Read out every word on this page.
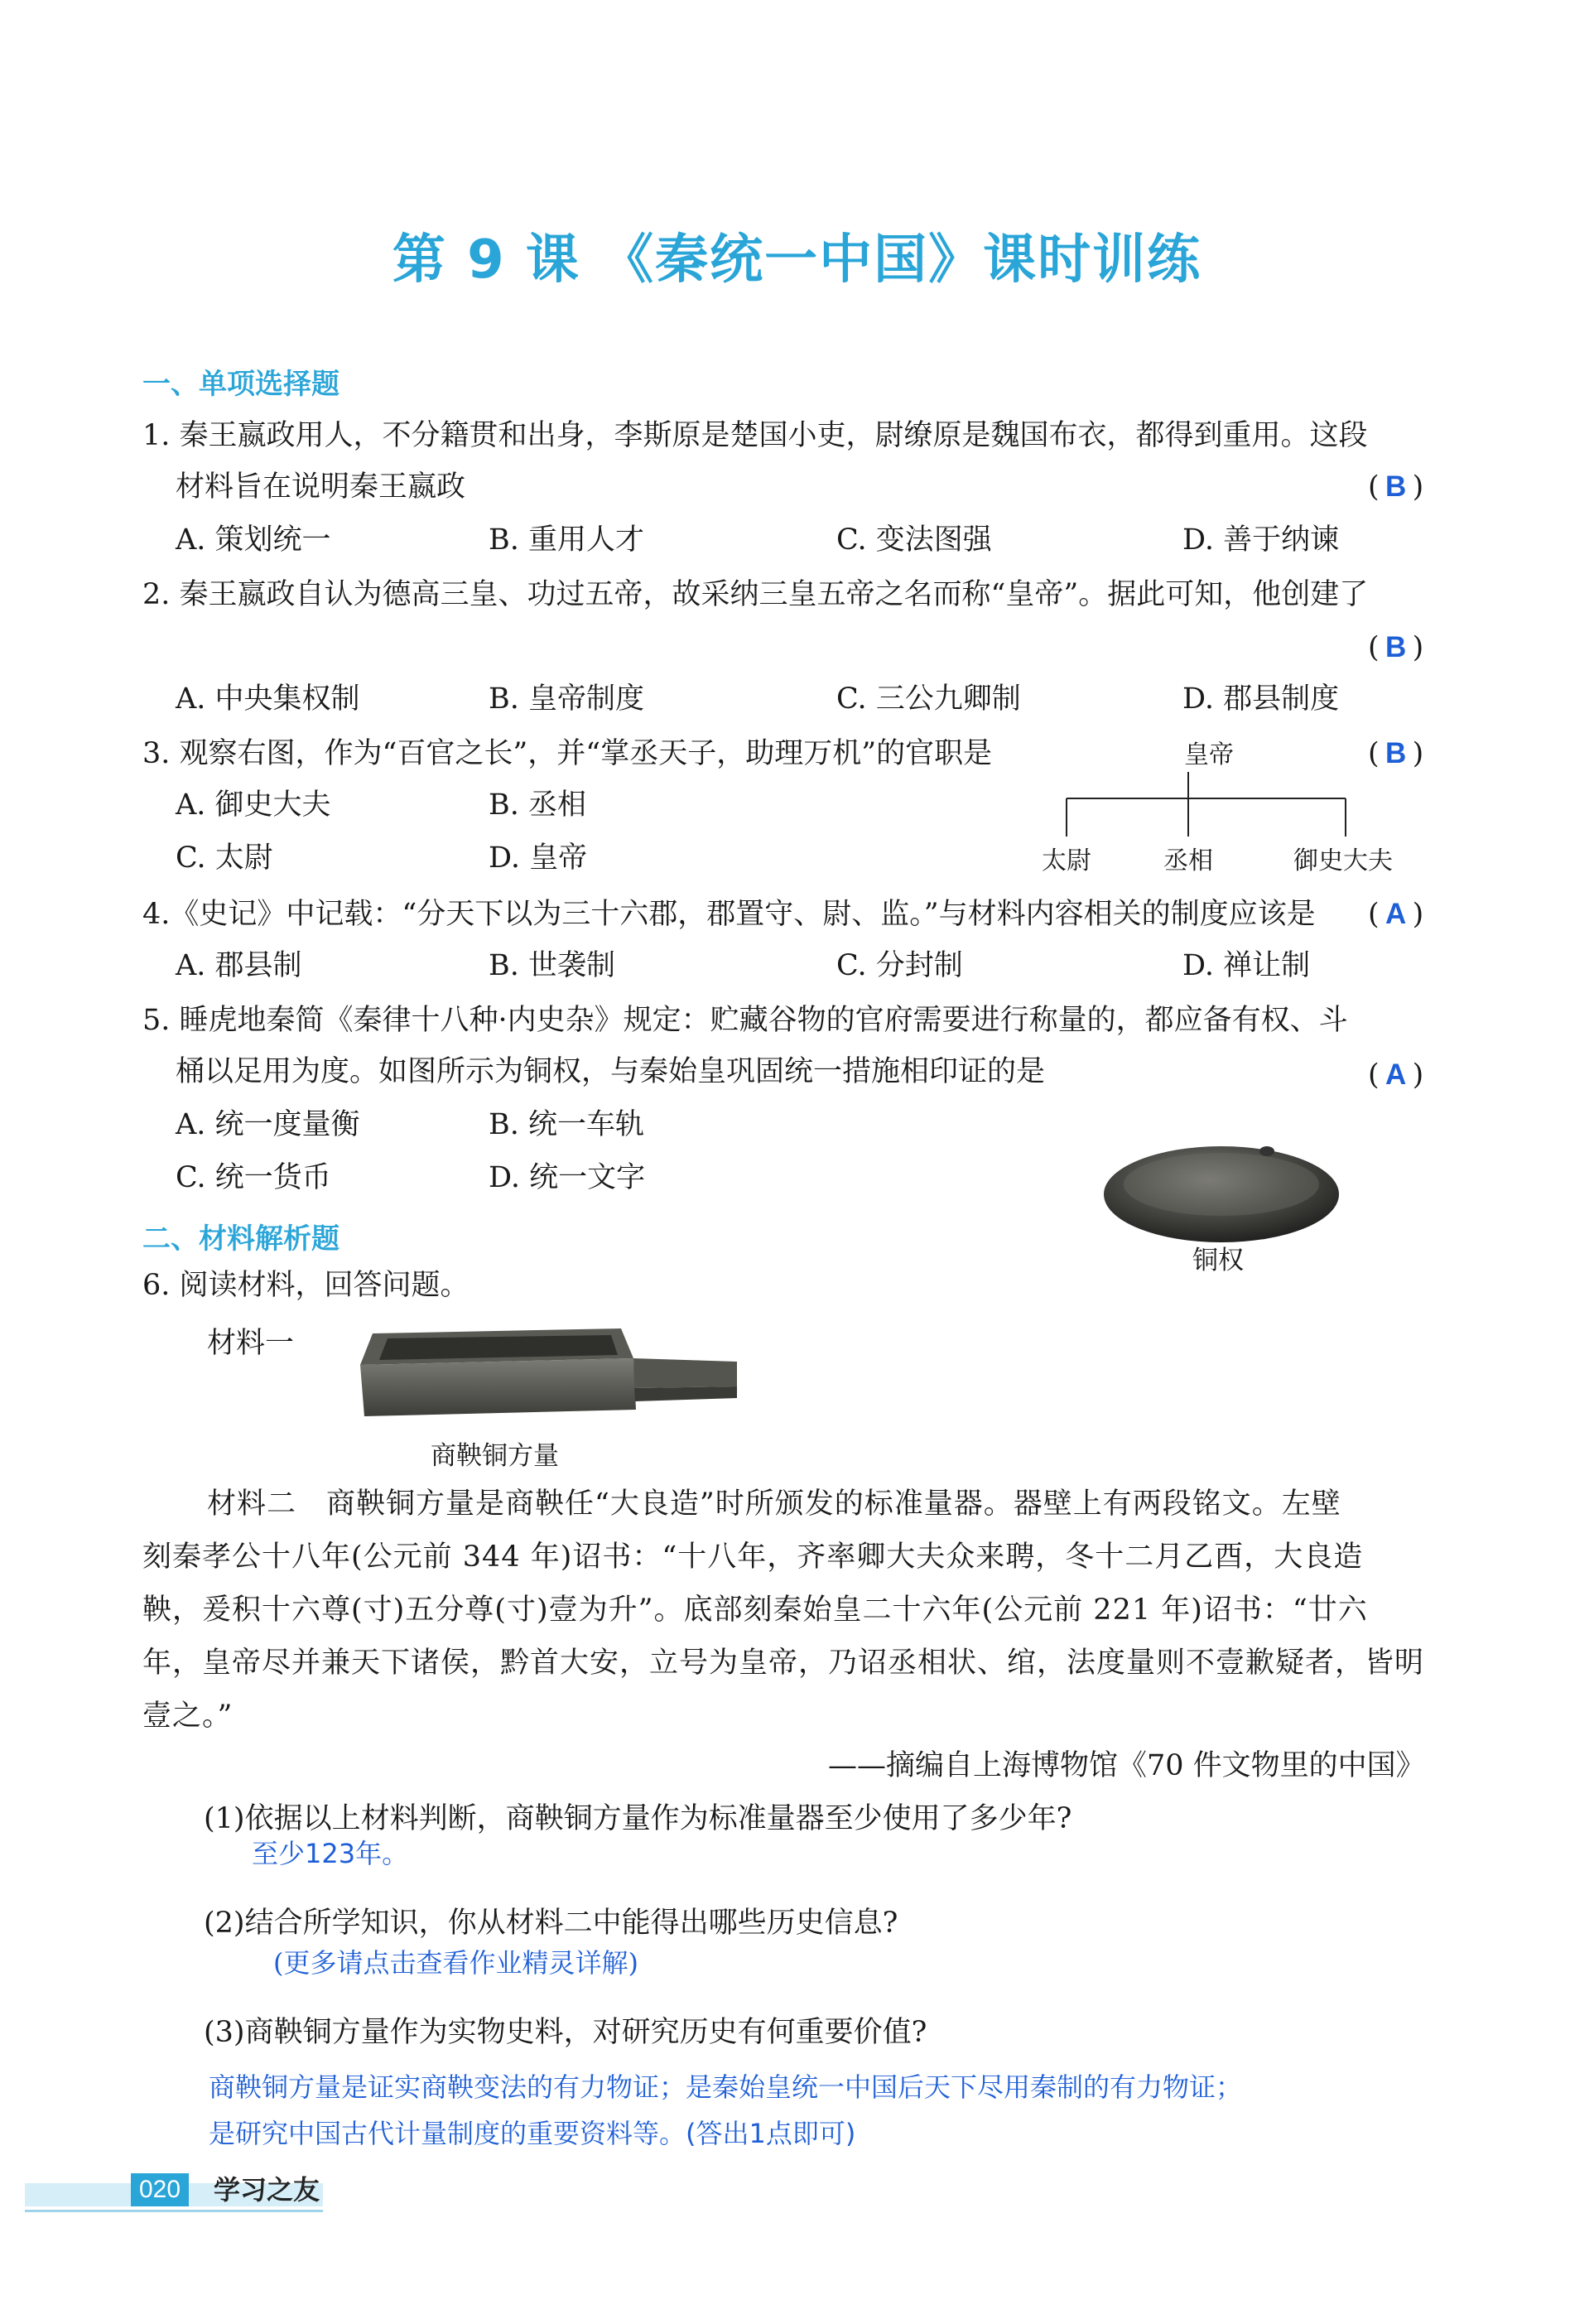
第 9 课 《秦统一中国》课时训练
一、单项选择题
1. 秦王嬴政用人，不分籍贯和出身，李斯原是楚国小吏，尉缭原是魏国布衣，都得到重用。这段
材料旨在说明秦王嬴政	( B )
A. 策划统一	B. 重用人才	C. 变法图强	D. 善于纳谏
2. 秦王嬴政自认为德高三皇、功过五帝，故采纳三皇五帝之名而称“皇帝”。据此可知，他创建了
( B )
A. 中央集权制	B. 皇帝制度	C. 三公九卿制	D. 郡县制度
3. 观察右图，作为“百官之长”，并“掌丞天子，助理万机”的官职是	( B )
A. 御史大夫	B. 丞相
C. 太尉	D. 皇帝
皇帝
太尉	丞相	御史大夫
4.《史记》中记载：“分天下以为三十六郡，郡置守、尉、监。”与材料内容相关的制度应该是 ( A )
A. 郡县制	B. 世袭制	C. 分封制	D. 禅让制
5. 睡虎地秦简《秦律十八种·内史杂》规定：贮藏谷物的官府需要进行称量的，都应备有权、斗
桶以足用为度。如图所示为铜权，与秦始皇巩固统一措施相印证的是	( A )
A. 统一度量衡	B. 统一车轨
C. 统一货币	D. 统一文字
铜权
二、材料解析题
6. 阅读材料，回答问题。
材料一
商鞅铜方量
材料二　商鞅铜方量是商鞅任“大良造”时所颁发的标准量器。器壁上有两段铭文。左壁
刻秦孝公十八年(公元前 344 年)诏书：“十八年，齐率卿大夫众来聘，冬十二月乙酉，大良造
鞅，爰积十六尊(寸)五分尊(寸)壹为升”。底部刻秦始皇二十六年(公元前 221 年)诏书：“廿六
年，皇帝尽并兼天下诸侯，黔首大安，立号为皇帝，乃诏丞相状、绾，法度量则不壹歉疑者，皆明
壹之。”
——摘编自上海博物馆《70 件文物里的中国》
(1)依据以上材料判断，商鞅铜方量作为标准量器至少使用了多少年?
至少123年。
(2)结合所学知识，你从材料二中能得出哪些历史信息?
(更多请点击查看作业精灵详解)
(3)商鞅铜方量作为实物史料，对研究历史有何重要价值?
商鞅铜方量是证实商鞅变法的有力物证；是秦始皇统一中国后天下尽用秦制的有力物证；
是研究中国古代计量制度的重要资料等。(答出1点即可)
020	学习之友
